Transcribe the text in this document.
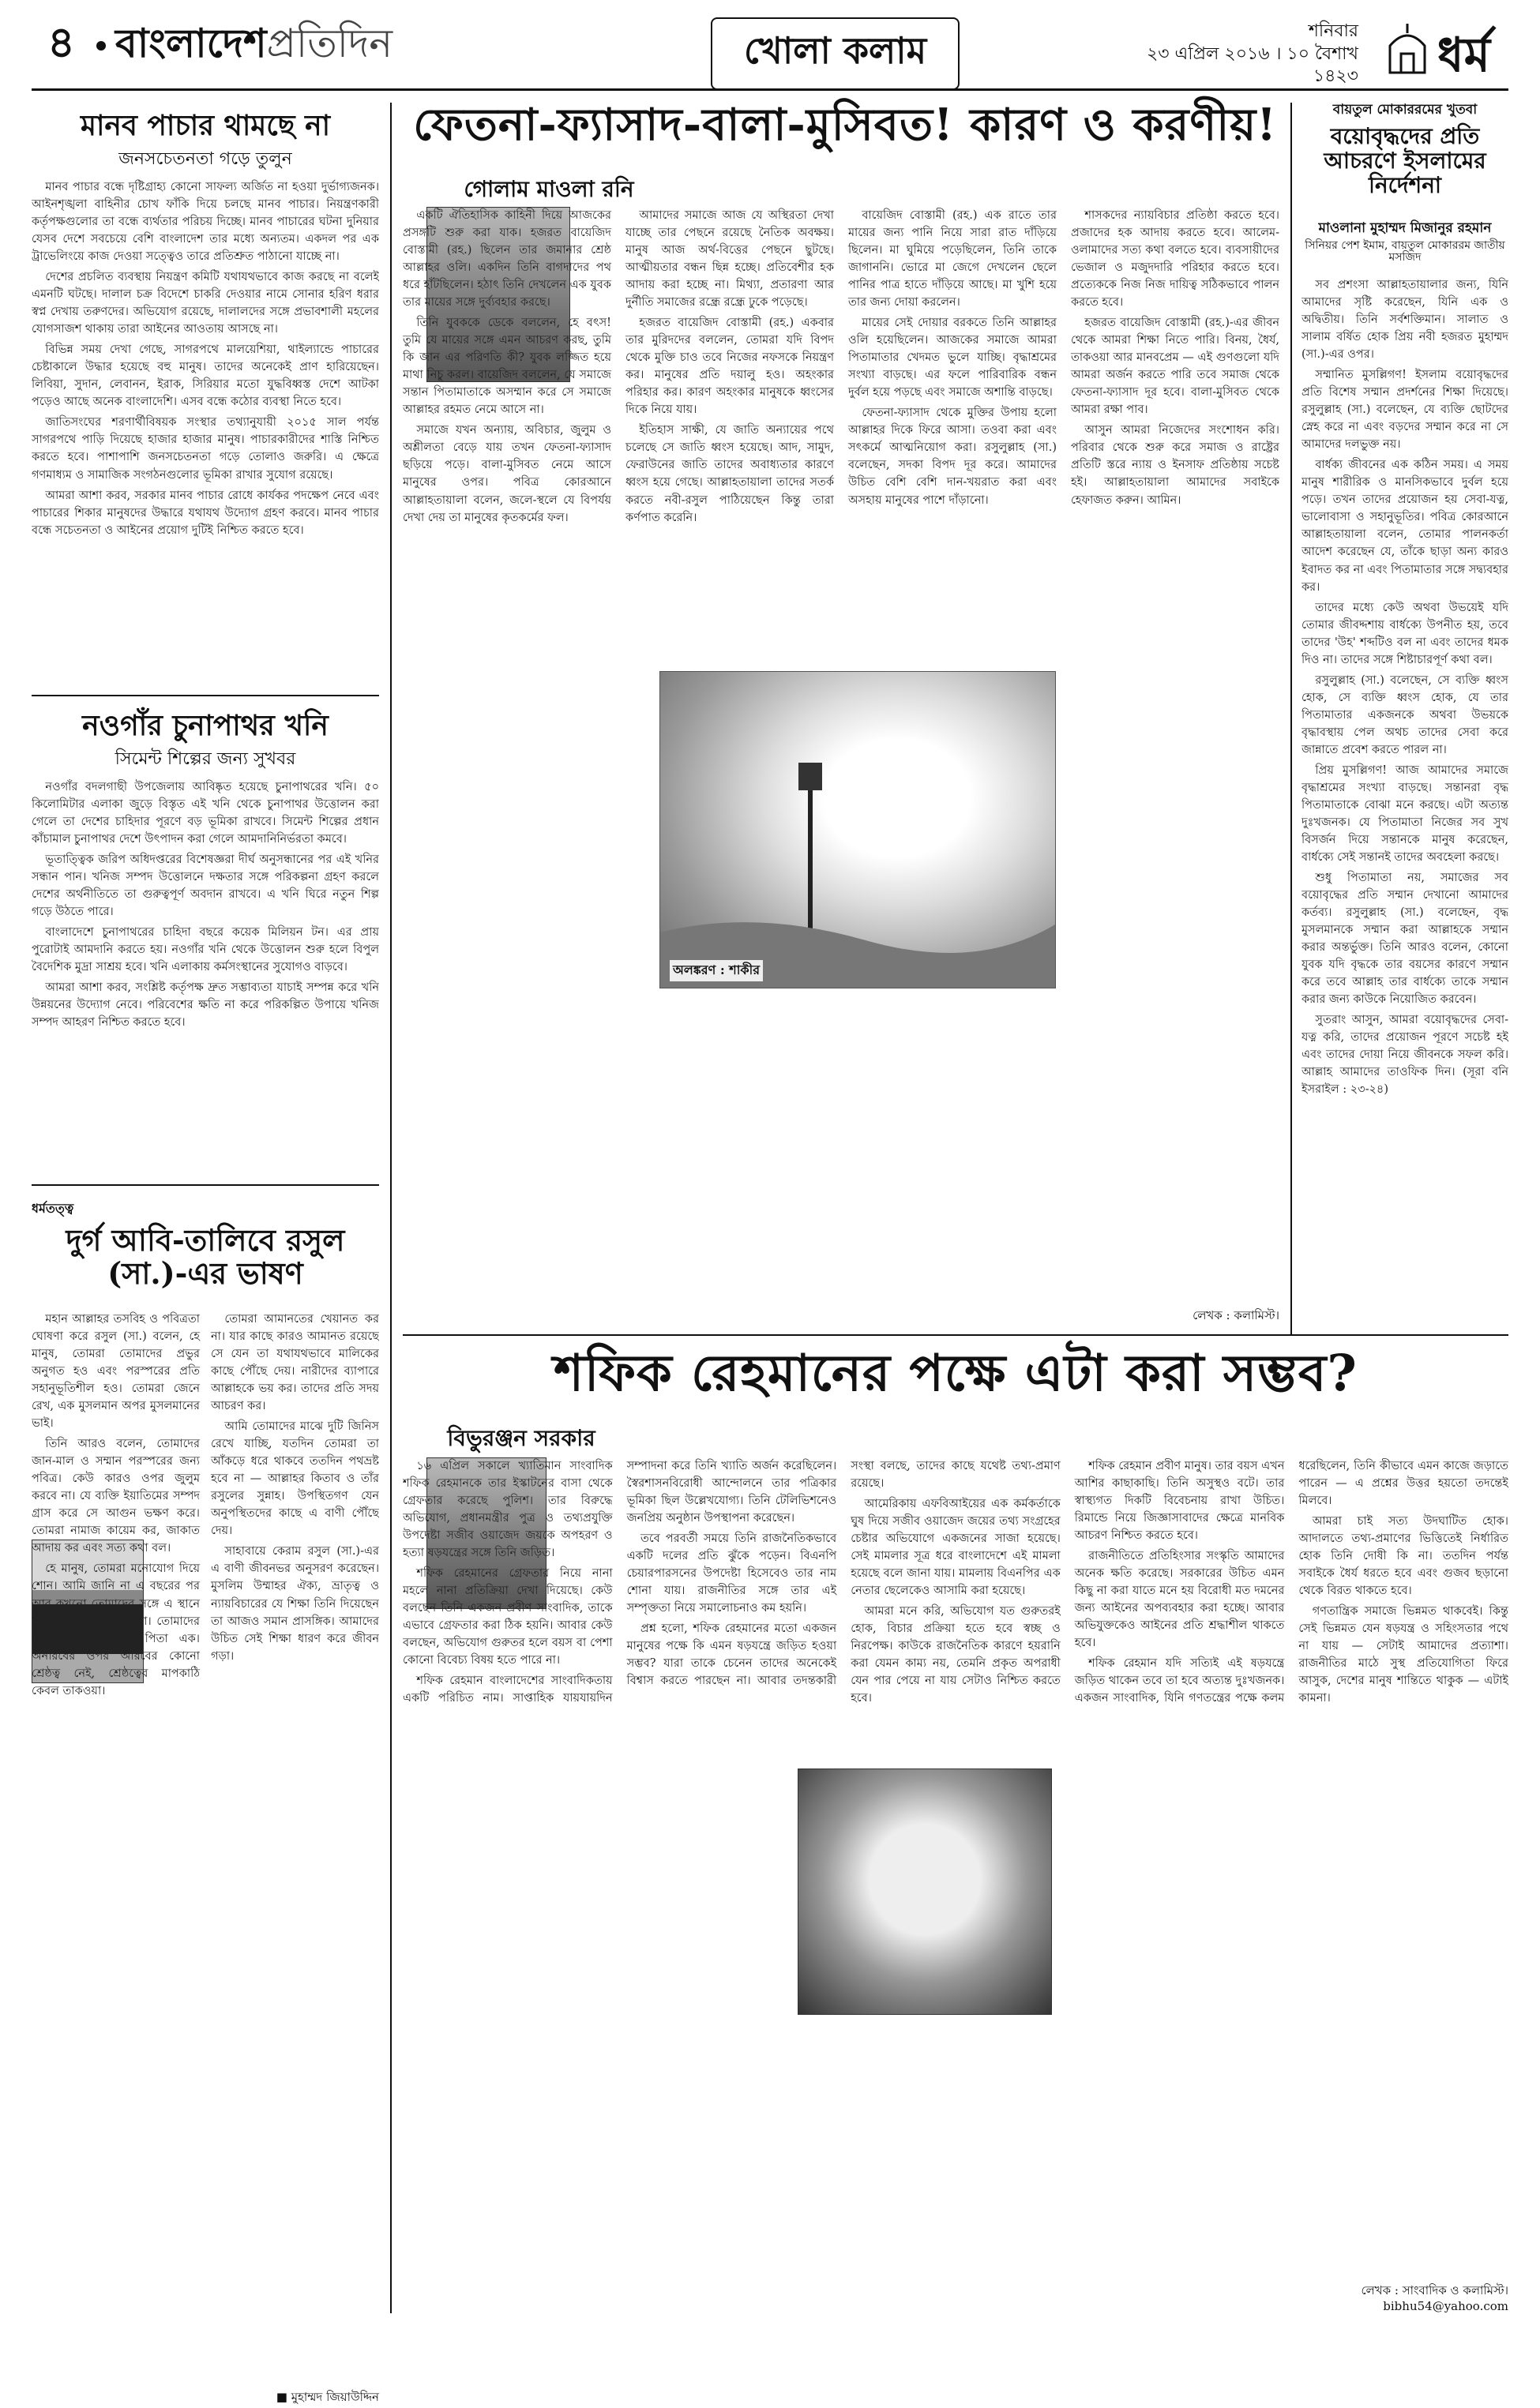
৪ বাংলাদেশপ্রতিদিন	খোলা কলাম	শনিবার
২৩ এপ্রিল ২০১৬ । ১০ বৈশাখ ১৪২৩ ধর্ম
মানব পাচার থামছে না
জনসচেতনতা গড়ে তুলুন

মানব পাচার বন্ধে দৃষ্টিগ্রাহ্য কোনো সাফল্য অর্জিত না হওয়া দুর্ভাগ্যজনক। আইনশৃঙ্খলা বাহিনীর চোখ ফাঁকি দিয়ে চলছে মানব পাচার। নিয়ন্ত্রণকারী কর্তৃপক্ষগুলোর তা বন্ধে ব্যর্থতার পরিচয় দিচ্ছে। মানব পাচারের ঘটনা দুনিয়ার যেসব দেশে সবচেয়ে বেশি বাংলাদেশ তার মধ্যে অন্যতম। একদল পর এক ট্রাভেলিংয়ে কাজ দেওয়া সত্ত্বেও তারে প্রতিশ্রুত পাঠানো যাচ্ছে না।

দেশের প্রচলিত ব্যবস্থায় নিয়ন্ত্রণ কমিটি যথাযথভাবে কাজ করছে না বলেই এমনটি ঘটছে। দালাল চক্র বিদেশে চাকরি দেওয়ার নামে সোনার হরিণ ধরার স্বপ্ন দেখায় তরুণদের। অভিযোগ রয়েছে, দালালদের সঙ্গে প্রভাবশালী মহলের যোগসাজশ থাকায় তারা আইনের আওতায় আসছে না।

বিভিন্ন সময় দেখা গেছে, সাগরপথে মালয়েশিয়া, থাইল্যান্ডে পাচারের চেষ্টাকালে উদ্ধার হয়েছে বহু মানুষ। তাদের অনেকেই প্রাণ হারিয়েছেন। লিবিয়া, সুদান, লেবানন, ইরাক, সিরিয়ার মতো যুদ্ধবিধ্বস্ত দেশে আটকা পড়েও আছে অনেক বাংলাদেশি। এসব বন্ধে কঠোর ব্যবস্থা নিতে হবে।

জাতিসংঘের শরণার্থীবিষয়ক সংস্থার তথ্যানুযায়ী ২০১৫ সাল পর্যন্ত সাগরপথে পাড়ি দিয়েছে হাজার হাজার মানুষ। পাচারকারীদের শাস্তি নিশ্চিত করতে হবে। পাশাপাশি জনসচেতনতা গড়ে তোলাও জরুরি। এ ক্ষেত্রে গণমাধ্যম ও সামাজিক সংগঠনগুলোর ভূমিকা রাখার সুযোগ রয়েছে।

আমরা আশা করব, সরকার মানব পাচার রোধে কার্যকর পদক্ষেপ নেবে এবং পাচারের শিকার মানুষদের উদ্ধারে যথাযথ উদ্যোগ গ্রহণ করবে। মানব পাচার বন্ধে সচেতনতা ও আইনের প্রয়োগ দুটিই নিশ্চিত করতে হবে।

নওগাঁর চুনাপাথর খনি
সিমেন্ট শিল্পের জন্য সুখবর

নওগাঁর বদলগাছী উপজেলায় আবিষ্কৃত হয়েছে চুনাপাথরের খনি। ৫০ কিলোমিটার এলাকা জুড়ে বিস্তৃত এই খনি থেকে চুনাপাথর উত্তোলন করা গেলে তা দেশের চাহিদার পূরণে বড় ভূমিকা রাখবে। সিমেন্ট শিল্পের প্রধান কাঁচামাল চুনাপাথর দেশে উৎপাদন করা গেলে আমদানিনির্ভরতা কমবে।

ভূতাত্ত্বিক জরিপ অধিদপ্তরের বিশেষজ্ঞরা দীর্ঘ অনুসন্ধানের পর এই খনির সন্ধান পান। খনিজ সম্পদ উত্তোলনে দক্ষতার সঙ্গে পরিকল্পনা গ্রহণ করলে দেশের অর্থনীতিতে তা গুরুত্বপূর্ণ অবদান রাখবে। এ খনি ঘিরে নতুন শিল্প গড়ে উঠতে পারে।

বাংলাদেশে চুনাপাথরের চাহিদা বছরে কয়েক মিলিয়ন টন। এর প্রায় পুরোটাই আমদানি করতে হয়। নওগাঁর খনি থেকে উত্তোলন শুরু হলে বিপুল বৈদেশিক মুদ্রা সাশ্রয় হবে। খনি এলাকায় কর্মসংস্থানের সুযোগও বাড়বে।

আমরা আশা করব, সংশ্লিষ্ট কর্তৃপক্ষ দ্রুত সম্ভাব্যতা যাচাই সম্পন্ন করে খনি উন্নয়নের উদ্যোগ নেবে। পরিবেশের ক্ষতি না করে পরিকল্পিত উপায়ে খনিজ সম্পদ আহরণ নিশ্চিত করতে হবে।

ধর্মতত্ত্ব
দুর্গ আবি-তালিবে রসুল (সা.)-এর ভাষণ

মহান আল্লাহর তসবিহ ও পবিত্রতা ঘোষণা করে রসুল (সা.) বলেন, হে মানুষ, তোমরা তোমাদের প্রভুর অনুগত হও এবং পরস্পরের প্রতি সহানুভূতিশীল হও। তোমরা জেনে রেখ, এক মুসলমান অপর মুসলমানের ভাই।

তিনি আরও বলেন, তোমাদের জান-মাল ও সম্মান পরস্পরের জন্য পবিত্র। কেউ কারও ওপর জুলুম করবে না। যে ব্যক্তি ইয়াতিমের সম্পদ গ্রাস করে সে আগুন ভক্ষণ করে। তোমরা নামাজ কায়েম কর, জাকাত আদায় কর এবং সত্য কথা বল।

হে মানুষ, তোমরা মনোযোগ দিয়ে শোন। আমি জানি না এ বছরের পর আর কখনো তোমাদের সঙ্গে এ স্থানে মিলিত হতে পারব কি না। তোমাদের প্রভু এক, তোমাদের পিতা এক। অনারবের ওপর আরবের কোনো শ্রেষ্ঠত্ব নেই, শ্রেষ্ঠত্বের মাপকাঠি কেবল তাকওয়া।

তোমরা আমানতের খেয়ানত কর না। যার কাছে কারও আমানত রয়েছে সে যেন তা যথাযথভাবে মালিকের কাছে পৌঁছে দেয়। নারীদের ব্যাপারে আল্লাহকে ভয় কর। তাদের প্রতি সদয় আচরণ কর।

আমি তোমাদের মাঝে দুটি জিনিস রেখে যাচ্ছি, যতদিন তোমরা তা আঁকড়ে ধরে থাকবে ততদিন পথভ্রষ্ট হবে না — আল্লাহর কিতাব ও তাঁর রসুলের সুন্নাহ। উপস্থিতগণ যেন অনুপস্থিতদের কাছে এ বাণী পৌঁছে দেয়।

সাহাবায়ে কেরাম রসুল (সা.)-এর এ বাণী জীবনভর অনুসরণ করেছেন। মুসলিম উম্মাহর ঐক্য, ভ্রাতৃত্ব ও ন্যায়বিচারের যে শিক্ষা তিনি দিয়েছেন তা আজও সমান প্রাসঙ্গিক। আমাদের উচিত সেই শিক্ষা ধারণ করে জীবন গড়া।

■ মুহাম্মদ জিয়াউদ্দিন
ফেতনা-ফ্যাসাদ-বালা-মুসিবত! কারণ ও করণীয়!
গোলাম মাওলা রনি

একটি ঐতিহাসিক কাহিনী দিয়ে আজকের প্রসঙ্গটি শুরু করা যাক। হজরত বায়েজিদ বোস্তামী (রহ.) ছিলেন তার জমানার শ্রেষ্ঠ আল্লাহর ওলি। একদিন তিনি বাগদাদের পথ ধরে হাঁটছিলেন। হঠাৎ তিনি দেখলেন এক যুবক তার মায়ের সঙ্গে দুর্ব্যবহার করছে।

তিনি যুবককে ডেকে বললেন, হে বৎস! তুমি যে মায়ের সঙ্গে এমন আচরণ করছ, তুমি কি জান এর পরিণতি কী? যুবক লজ্জিত হয়ে মাথা নিচু করল। বায়েজিদ বললেন, যে সমাজে সন্তান পিতামাতাকে অসম্মান করে সে সমাজে আল্লাহর রহমত নেমে আসে না।

সমাজে যখন অন্যায়, অবিচার, জুলুম ও অশ্লীলতা বেড়ে যায় তখন ফেতনা-ফ্যাসাদ ছড়িয়ে পড়ে। বালা-মুসিবত নেমে আসে মানুষের ওপর। পবিত্র কোরআনে আল্লাহতায়ালা বলেন, জলে-স্থলে যে বিপর্যয় দেখা দেয় তা মানুষের কৃতকর্মের ফল।

আমাদের সমাজে আজ যে অস্থিরতা দেখা যাচ্ছে তার পেছনে রয়েছে নৈতিক অবক্ষয়। মানুষ আজ অর্থ-বিত্তের পেছনে ছুটছে। আত্মীয়তার বন্ধন ছিন্ন হচ্ছে। প্রতিবেশীর হক আদায় করা হচ্ছে না। মিথ্যা, প্রতারণা আর দুর্নীতি সমাজের রন্ধ্রে রন্ধ্রে ঢুকে পড়েছে।

হজরত বায়েজিদ বোস্তামী (রহ.) একবার তার মুরিদদের বললেন, তোমরা যদি বিপদ থেকে মুক্তি চাও তবে নিজের নফসকে নিয়ন্ত্রণ কর। মানুষের প্রতি দয়ালু হও। অহংকার পরিহার কর। কারণ অহংকার মানুষকে ধ্বংসের দিকে নিয়ে যায়।

ইতিহাস সাক্ষী, যে জাতি অন্যায়ের পথে চলেছে সে জাতি ধ্বংস হয়েছে। আদ, সামুদ, ফেরাউনের জাতি তাদের অবাধ্যতার কারণে ধ্বংস হয়ে গেছে। আল্লাহতায়ালা তাদের সতর্ক করতে নবী-রসুল পাঠিয়েছেন কিন্তু তারা কর্ণপাত করেনি।

বায়েজিদ বোস্তামী (রহ.) এক রাতে তার মায়ের জন্য পানি নিয়ে সারা রাত দাঁড়িয়ে ছিলেন। মা ঘুমিয়ে পড়েছিলেন, তিনি তাকে জাগাননি। ভোরে মা জেগে দেখলেন ছেলে পানির পাত্র হাতে দাঁড়িয়ে আছে। মা খুশি হয়ে তার জন্য দোয়া করলেন।

মায়ের সেই দোয়ার বরকতে তিনি আল্লাহর ওলি হয়েছিলেন। আজকের সমাজে আমরা পিতামাতার খেদমত ভুলে যাচ্ছি। বৃদ্ধাশ্রমের সংখ্যা বাড়ছে। এর ফলে পারিবারিক বন্ধন দুর্বল হয়ে পড়ছে এবং সমাজে অশান্তি বাড়ছে।

ফেতনা-ফ্যাসাদ থেকে মুক্তির উপায় হলো আল্লাহর দিকে ফিরে আসা। তওবা করা এবং সৎকর্মে আত্মনিয়োগ করা। রসুলুল্লাহ (সা.) বলেছেন, সদকা বিপদ দূর করে। আমাদের উচিত বেশি বেশি দান-খয়রাত করা এবং অসহায় মানুষের পাশে দাঁড়ানো।

শাসকদের ন্যায়বিচার প্রতিষ্ঠা করতে হবে। প্রজাদের হক আদায় করতে হবে। আলেম-ওলামাদের সত্য কথা বলতে হবে। ব্যবসায়ীদের ভেজাল ও মজুদদারি পরিহার করতে হবে। প্রত্যেককে নিজ নিজ দায়িত্ব সঠিকভাবে পালন করতে হবে।

হজরত বায়েজিদ বোস্তামী (রহ.)-এর জীবন থেকে আমরা শিক্ষা নিতে পারি। বিনয়, ধৈর্য, তাকওয়া আর মানবপ্রেম — এই গুণগুলো যদি আমরা অর্জন করতে পারি তবে সমাজ থেকে ফেতনা-ফ্যাসাদ দূর হবে। বালা-মুসিবত থেকে আমরা রক্ষা পাব।

আসুন আমরা নিজেদের সংশোধন করি। পরিবার থেকে শুরু করে সমাজ ও রাষ্ট্রের প্রতিটি স্তরে ন্যায় ও ইনসাফ প্রতিষ্ঠায় সচেষ্ট হই। আল্লাহতায়ালা আমাদের সবাইকে হেফাজত করুন। আমিন।

অলঙ্করণ : শাকীর
লেখক : কলামিস্ট।
বায়তুল মোকাররমের খুতবা
বয়োবৃদ্ধদের প্রতি আচরণে ইসলামের নির্দেশনা
মাওলানা মুহাম্মদ মিজানুর রহমান
সিনিয়র পেশ ইমাম, বায়তুল মোকাররম জাতীয় মসজিদ

সব প্রশংসা আল্লাহতায়ালার জন্য, যিনি আমাদের সৃষ্টি করেছেন, যিনি এক ও অদ্বিতীয়। তিনি সর্বশক্তিমান। সালাত ও সালাম বর্ষিত হোক প্রিয় নবী হজরত মুহাম্মদ (সা.)-এর ওপর।

সম্মানিত মুসল্লিগণ! ইসলাম বয়োবৃদ্ধদের প্রতি বিশেষ সম্মান প্রদর্শনের শিক্ষা দিয়েছে। রসুলুল্লাহ (সা.) বলেছেন, যে ব্যক্তি ছোটদের স্নেহ করে না এবং বড়দের সম্মান করে না সে আমাদের দলভুক্ত নয়।

বার্ধক্য জীবনের এক কঠিন সময়। এ সময় মানুষ শারীরিক ও মানসিকভাবে দুর্বল হয়ে পড়ে। তখন তাদের প্রয়োজন হয় সেবা-যত্ন, ভালোবাসা ও সহানুভূতির। পবিত্র কোরআনে আল্লাহতায়ালা বলেন, তোমার পালনকর্তা আদেশ করেছেন যে, তাঁকে ছাড়া অন্য কারও ইবাদত কর না এবং পিতামাতার সঙ্গে সদ্ব্যবহার কর।

তাদের মধ্যে কেউ অথবা উভয়েই যদি তোমার জীবদ্দশায় বার্ধক্যে উপনীত হয়, তবে তাদের 'উহ' শব্দটিও বল না এবং তাদের ধমক দিও না। তাদের সঙ্গে শিষ্টাচারপূর্ণ কথা বল।

রসুলুল্লাহ (সা.) বলেছেন, সে ব্যক্তি ধ্বংস হোক, সে ব্যক্তি ধ্বংস হোক, যে তার পিতামাতার একজনকে অথবা উভয়কে বৃদ্ধাবস্থায় পেল অথচ তাদের সেবা করে জান্নাতে প্রবেশ করতে পারল না।

প্রিয় মুসল্লিগণ! আজ আমাদের সমাজে বৃদ্ধাশ্রমের সংখ্যা বাড়ছে। সন্তানরা বৃদ্ধ পিতামাতাকে বোঝা মনে করছে। এটা অত্যন্ত দুঃখজনক। যে পিতামাতা নিজের সব সুখ বিসর্জন দিয়ে সন্তানকে মানুষ করেছেন, বার্ধক্যে সেই সন্তানই তাদের অবহেলা করছে।

শুধু পিতামাতা নয়, সমাজের সব বয়োবৃদ্ধের প্রতি সম্মান দেখানো আমাদের কর্তব্য। রসুলুল্লাহ (সা.) বলেছেন, বৃদ্ধ মুসলমানকে সম্মান করা আল্লাহকে সম্মান করার অন্তর্ভুক্ত। তিনি আরও বলেন, কোনো যুবক যদি বৃদ্ধকে তার বয়সের কারণে সম্মান করে তবে আল্লাহ তার বার্ধক্যে তাকে সম্মান করার জন্য কাউকে নিয়োজিত করবেন।

সুতরাং আসুন, আমরা বয়োবৃদ্ধদের সেবা-যত্ন করি, তাদের প্রয়োজন পূরণে সচেষ্ট হই এবং তাদের দোয়া নিয়ে জীবনকে সফল করি। আল্লাহ আমাদের তাওফিক দিন। (সূরা বনি ইসরাইল : ২৩-২৪)

শফিক রেহমানের পক্ষে এটা করা সম্ভব?
বিভুরঞ্জন সরকার

১৬ এপ্রিল সকালে খ্যাতিমান সাংবাদিক শফিক রেহমানকে তার ইস্কাটনের বাসা থেকে গ্রেফতার করেছে পুলিশ। তার বিরুদ্ধে অভিযোগ, প্রধানমন্ত্রীর পুত্র ও তথ্যপ্রযুক্তি উপদেষ্টা সজীব ওয়াজেদ জয়কে অপহরণ ও হত্যা ষড়যন্ত্রের সঙ্গে তিনি জড়িত।

শফিক রেহমানের গ্রেফতার নিয়ে নানা মহলে নানা প্রতিক্রিয়া দেখা দিয়েছে। কেউ বলছেন তিনি একজন প্রবীণ সাংবাদিক, তাকে এভাবে গ্রেফতার করা ঠিক হয়নি। আবার কেউ বলছেন, অভিযোগ গুরুতর হলে বয়স বা পেশা কোনো বিবেচ্য বিষয় হতে পারে না।

শফিক রেহমান বাংলাদেশের সাংবাদিকতায় একটি পরিচিত নাম। সাপ্তাহিক যায়যায়দিন সম্পাদনা করে তিনি খ্যাতি অর্জন করেছিলেন। স্বৈরশাসনবিরোধী আন্দোলনে তার পত্রিকার ভূমিকা ছিল উল্লেখযোগ্য। তিনি টেলিভিশনেও জনপ্রিয় অনুষ্ঠান উপস্থাপনা করেছেন।

তবে পরবর্তী সময়ে তিনি রাজনৈতিকভাবে একটি দলের প্রতি ঝুঁকে পড়েন। বিএনপি চেয়ারপারসনের উপদেষ্টা হিসেবেও তার নাম শোনা যায়। রাজনীতির সঙ্গে তার এই সম্পৃক্ততা নিয়ে সমালোচনাও কম হয়নি।

প্রশ্ন হলো, শফিক রেহমানের মতো একজন মানুষের পক্ষে কি এমন ষড়যন্ত্রে জড়িত হওয়া সম্ভব? যারা তাকে চেনেন তাদের অনেকেই বিশ্বাস করতে পারছেন না। আবার তদন্তকারী সংস্থা বলছে, তাদের কাছে যথেষ্ট তথ্য-প্রমাণ রয়েছে।

আমেরিকায় এফবিআইয়ের এক কর্মকর্তাকে ঘুষ দিয়ে সজীব ওয়াজেদ জয়ের তথ্য সংগ্রহের চেষ্টার অভিযোগে একজনের সাজা হয়েছে। সেই মামলার সূত্র ধরে বাংলাদেশে এই মামলা হয়েছে বলে জানা যায়। মামলায় বিএনপির এক নেতার ছেলেকেও আসামি করা হয়েছে।

আমরা মনে করি, অভিযোগ যত গুরুতরই হোক, বিচার প্রক্রিয়া হতে হবে স্বচ্ছ ও নিরপেক্ষ। কাউকে রাজনৈতিক কারণে হয়রানি করা যেমন কাম্য নয়, তেমনি প্রকৃত অপরাধী যেন পার পেয়ে না যায় সেটাও নিশ্চিত করতে হবে।

শফিক রেহমান প্রবীণ মানুষ। তার বয়স এখন আশির কাছাকাছি। তিনি অসুস্থও বটে। তার স্বাস্থ্যগত দিকটি বিবেচনায় রাখা উচিত। রিমান্ডে নিয়ে জিজ্ঞাসাবাদের ক্ষেত্রে মানবিক আচরণ নিশ্চিত করতে হবে।

রাজনীতিতে প্রতিহিংসার সংস্কৃতি আমাদের অনেক ক্ষতি করেছে। সরকারের উচিত এমন কিছু না করা যাতে মনে হয় বিরোধী মত দমনের জন্য আইনের অপব্যবহার করা হচ্ছে। আবার অভিযুক্তকেও আইনের প্রতি শ্রদ্ধাশীল থাকতে হবে।

শফিক রেহমান যদি সত্যিই এই ষড়যন্ত্রে জড়িত থাকেন তবে তা হবে অত্যন্ত দুঃখজনক। একজন সাংবাদিক, যিনি গণতন্ত্রের পক্ষে কলম ধরেছিলেন, তিনি কীভাবে এমন কাজে জড়াতে পারেন — এ প্রশ্নের উত্তর হয়তো তদন্তেই মিলবে।

আমরা চাই সত্য উদঘাটিত হোক। আদালতে তথ্য-প্রমাণের ভিত্তিতেই নির্ধারিত হোক তিনি দোষী কি না। ততদিন পর্যন্ত সবাইকে ধৈর্য ধরতে হবে এবং গুজব ছড়ানো থেকে বিরত থাকতে হবে।

গণতান্ত্রিক সমাজে ভিন্নমত থাকবেই। কিন্তু সেই ভিন্নমত যেন ষড়যন্ত্র ও সহিংসতার পথে না যায় — সেটাই আমাদের প্রত্যাশা। রাজনীতির মাঠে সুস্থ প্রতিযোগিতা ফিরে আসুক, দেশের মানুষ শান্তিতে থাকুক — এটাই কামনা।

লেখক : সাংবাদিক ও কলামিস্ট।
bibhu54@yahoo.com
